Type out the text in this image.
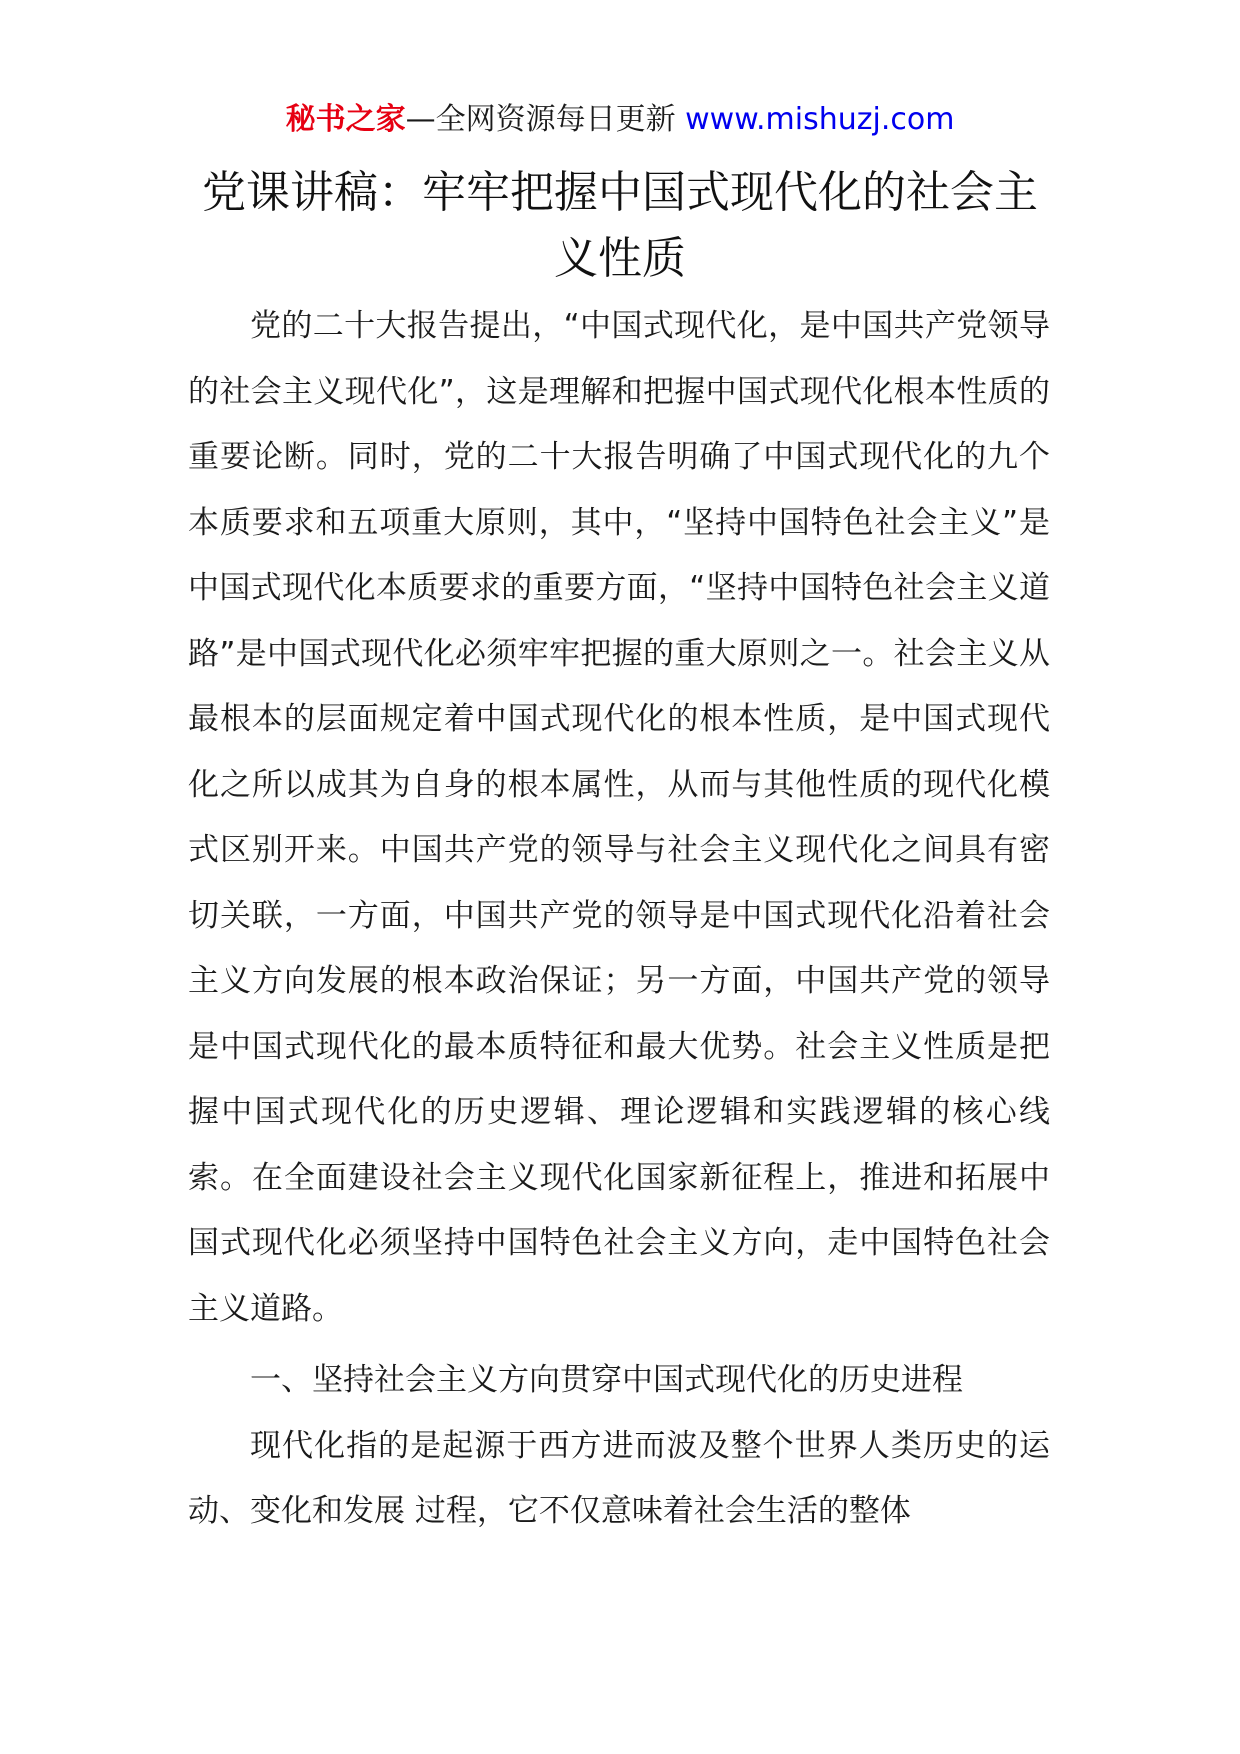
秘书之家—全网资源每日更新 www.mishuzj.com
党课讲稿：牢牢把握中国式现代化的社会主义性质

党的二十大报告提出，“中国式现代化，是中国共产党领导的社会主义现代化”，这是理解和把握中国式现代化根本性质的重要论断。同时，党的二十大报告明确了中国式现代化的九个本质要求和五项重大原则，其中，“坚持中国特色社会主义”是中国式现代化本质要求的重要方面，“坚持中国特色社会主义道路”是中国式现代化必须牢牢把握的重大原则之一。社会主义从最根本的层面规定着中国式现代化的根本性质，是中国式现代化之所以成其为自身的根本属性，从而与其他性质的现代化模式区别开来。中国共产党的领导与社会主义现代化之间具有密切关联，一方面，中国共产党的领导是中国式现代化沿着社会主义方向发展的根本政治保证；另一方面，中国共产党的领导是中国式现代化的最本质特征和最大优势。社会主义性质是把握中国式现代化的历史逻辑、理论逻辑和实践逻辑的核心线索。在全面建设社会主义现代化国家新征程上，推进和拓展中国式现代化必须坚持中国特色社会主义方向，走中国特色社会主义道路。

一、坚持社会主义方向贯穿中国式现代化的历史进程

现代化指的是起源于西方进而波及整个世界人类历史的运动、变化和发展 过程，它不仅意味着社会生活的整体
